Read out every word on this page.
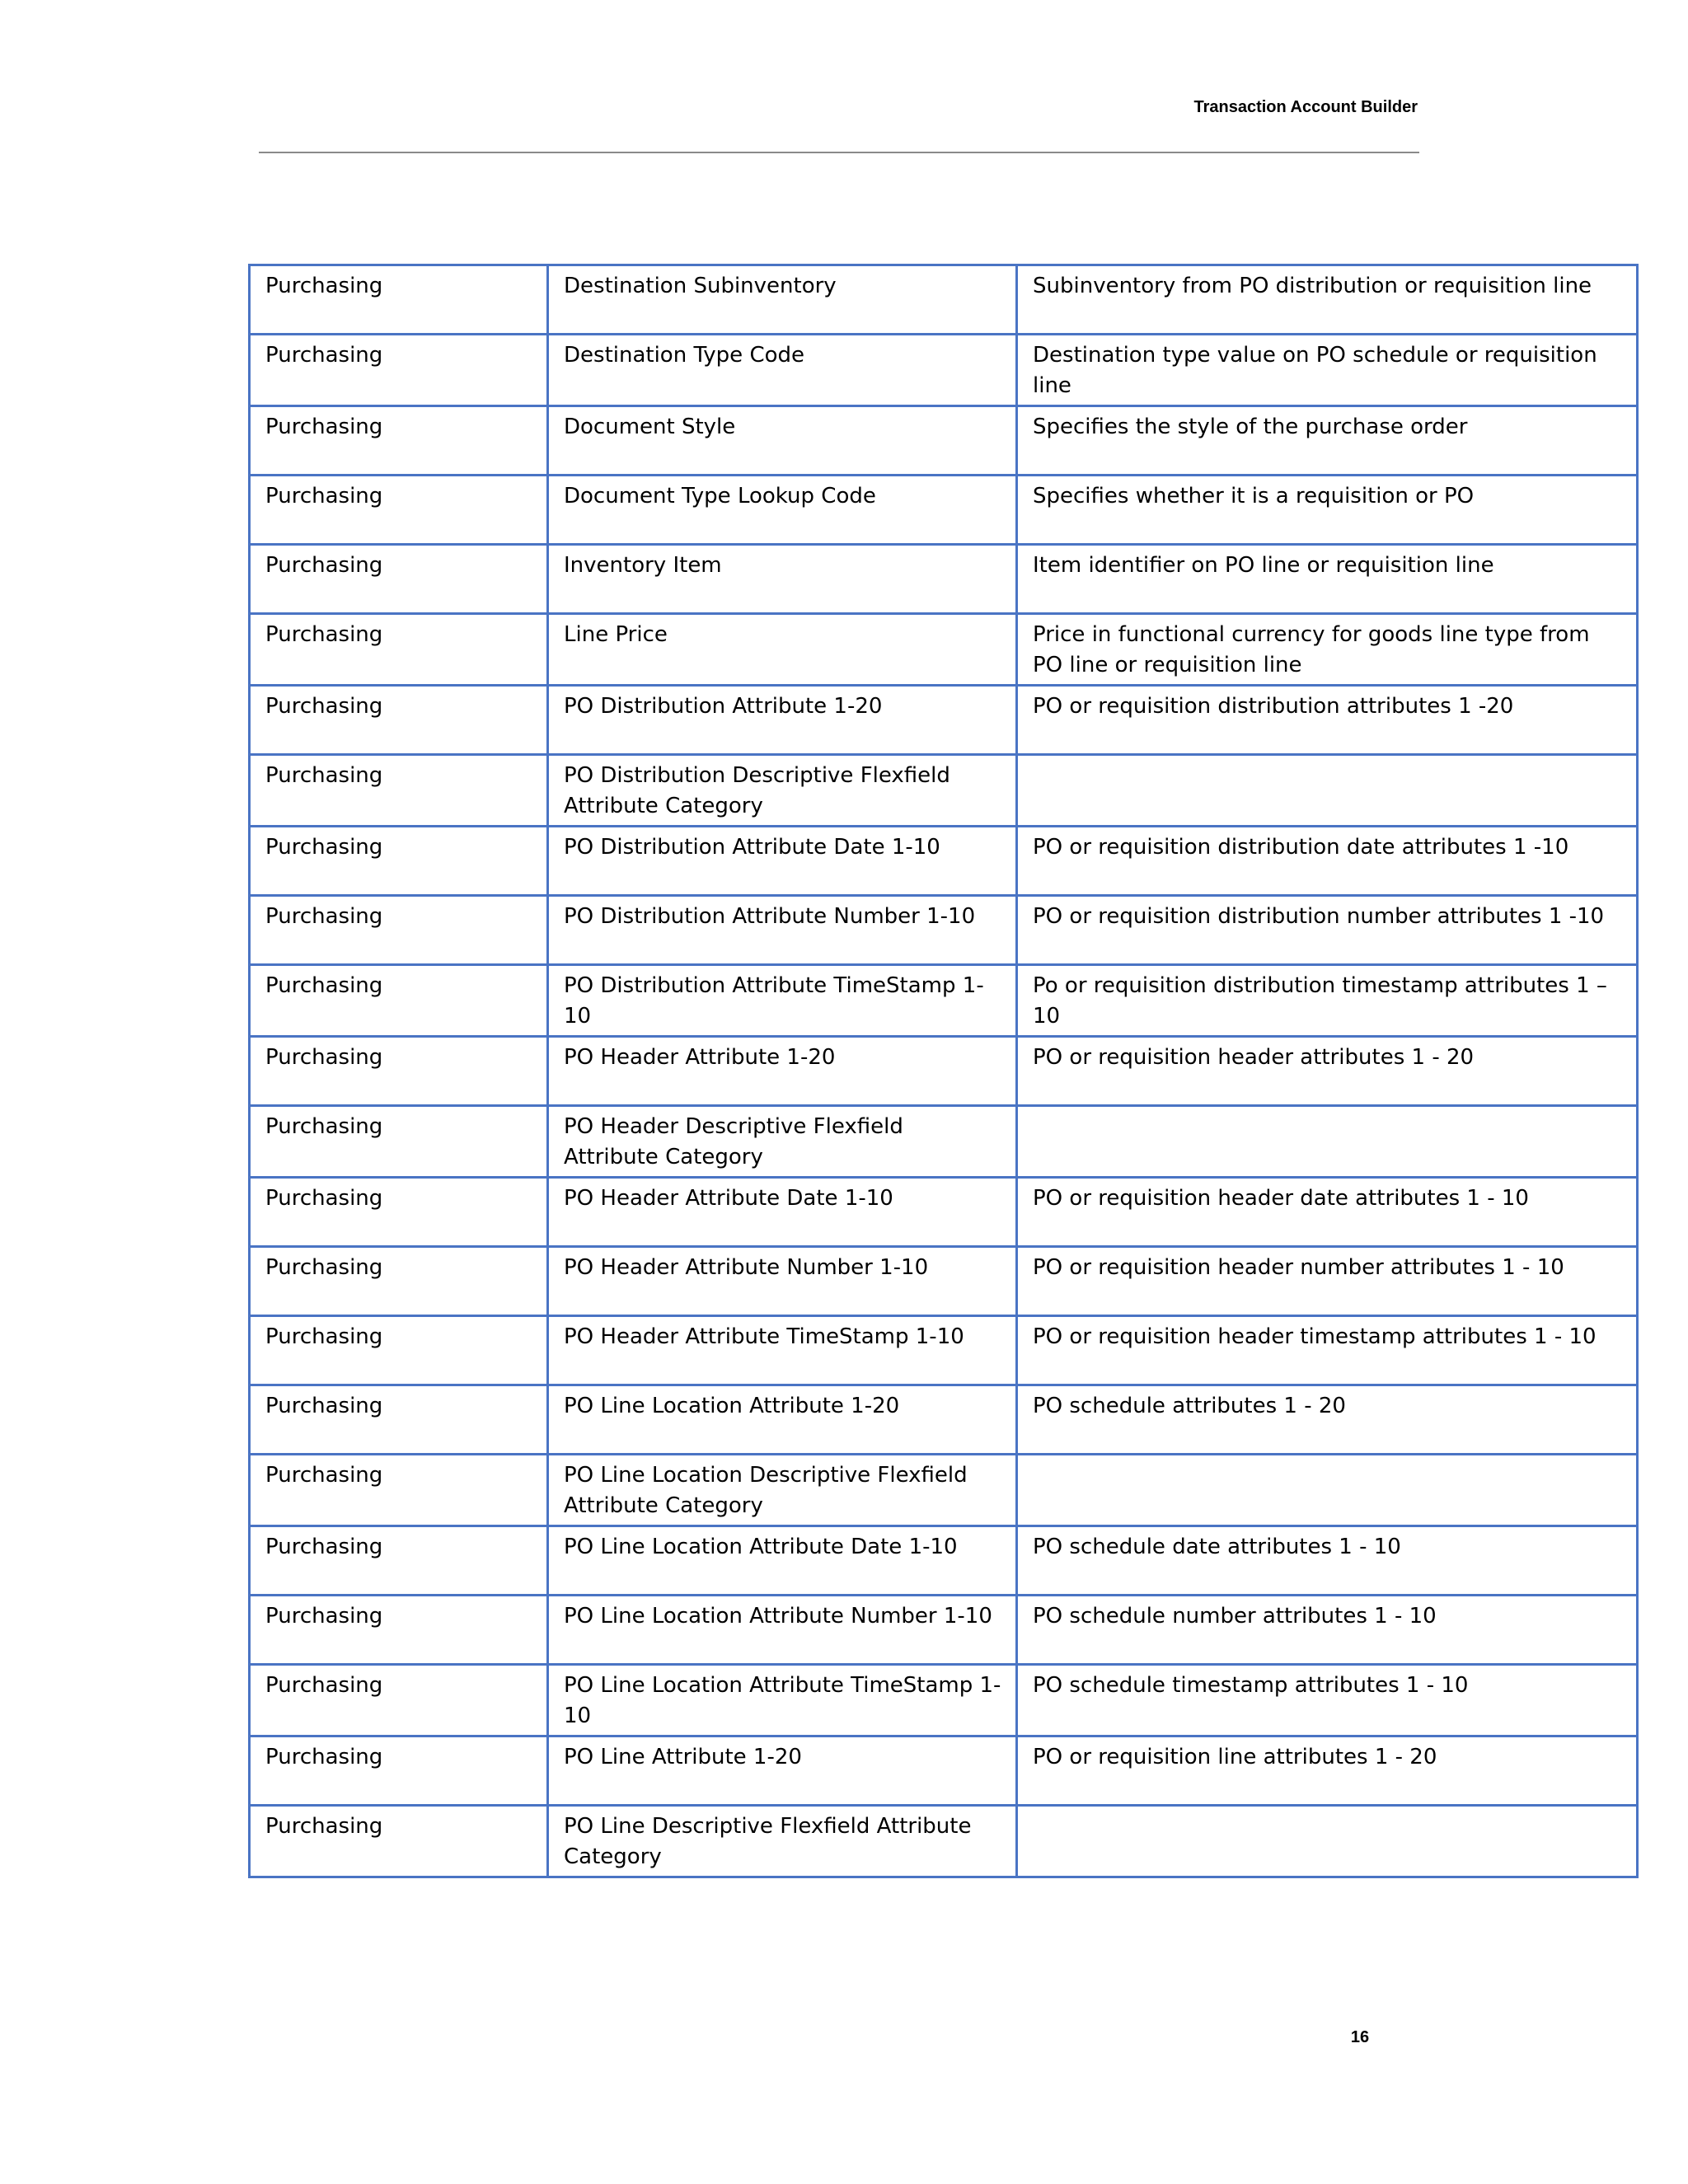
Transaction Account Builder
Purchasing	Destination Subinventory	Subinventory from PO distribution or requisition line
Purchasing	Destination Type Code	Destination type value on PO schedule or requisition line
Purchasing	Document Style	Specifies the style of the purchase order
Purchasing	Document Type Lookup Code	Specifies whether it is a requisition or PO
Purchasing	Inventory Item	Item identifier on PO line or requisition line
Purchasing	Line Price	Price in functional currency for goods line type from PO line or requisition line
Purchasing	PO Distribution Attribute 1-20	PO or requisition distribution attributes 1 -20
Purchasing	PO Distribution Descriptive Flexfield Attribute Category	
Purchasing	PO Distribution Attribute Date 1-10	PO or requisition distribution date attributes 1 -10
Purchasing	PO Distribution Attribute Number 1-10	PO or requisition distribution number attributes 1 -10
Purchasing	PO Distribution Attribute TimeStamp 1-10	Po or requisition distribution timestamp attributes 1 – 10
Purchasing	PO Header Attribute 1-20	PO or requisition header attributes 1 - 20
Purchasing	PO Header Descriptive Flexfield Attribute Category	
Purchasing	PO Header Attribute Date 1-10	PO or requisition header date attributes 1 - 10
Purchasing	PO Header Attribute Number 1-10	PO or requisition header number attributes 1 - 10
Purchasing	PO Header Attribute TimeStamp 1-10	PO or requisition header timestamp attributes 1 - 10
Purchasing	PO Line Location Attribute 1-20	PO schedule attributes 1 - 20
Purchasing	PO Line Location Descriptive Flexfield Attribute Category	
Purchasing	PO Line Location Attribute Date 1-10	PO schedule date attributes 1 - 10
Purchasing	PO Line Location Attribute Number 1-10	PO schedule number attributes 1 - 10
Purchasing	PO Line Location Attribute TimeStamp 1-10	PO schedule timestamp attributes 1 - 10
Purchasing	PO Line Attribute 1-20	PO or requisition line attributes 1 - 20
Purchasing	PO Line Descriptive Flexfield Attribute Category	
16
